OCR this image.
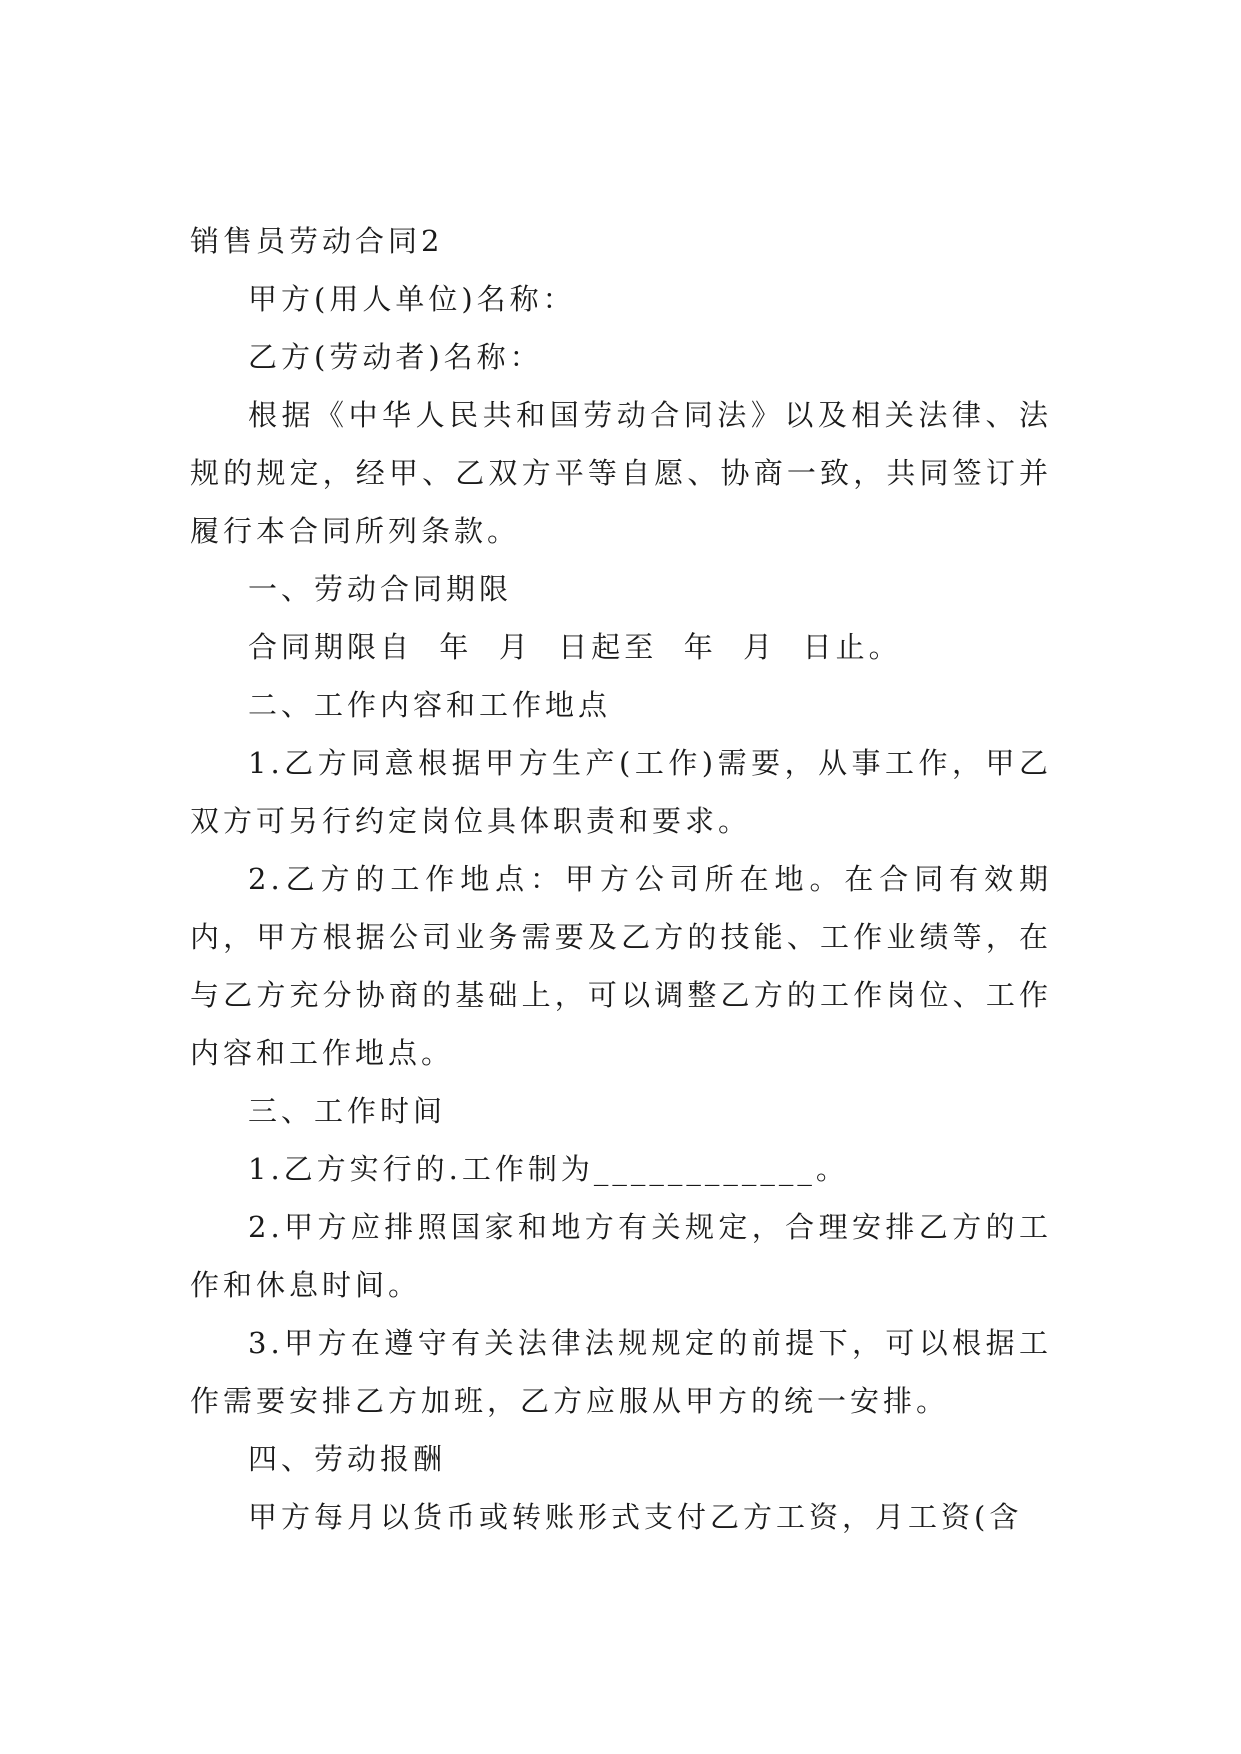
销售员劳动合同2

甲方(用人单位)名称：

乙方(劳动者)名称：

根据《中华人民共和国劳动合同法》以及相关法律、法规的规定，经甲、乙双方平等自愿、协商一致，共同签订并履行本合同所列条款。

一、劳动合同期限

合同期限自  年  月  日起至  年  月  日止。

二、工作内容和工作地点

1.乙方同意根据甲方生产(工作)需要，从事工作，甲乙双方可另行约定岗位具体职责和要求。

2.乙方的工作地点：甲方公司所在地。在合同有效期内，甲方根据公司业务需要及乙方的技能、工作业绩等，在与乙方充分协商的基础上，可以调整乙方的工作岗位、工作内容和工作地点。

三、工作时间

1.乙方实行的.工作制为____________。

2.甲方应排照国家和地方有关规定，合理安排乙方的工作和休息时间。

3.甲方在遵守有关法律法规规定的前提下，可以根据工作需要安排乙方加班，乙方应服从甲方的统一安排。

四、劳动报酬

甲方每月以货币或转账形式支付乙方工资，月工资(含
